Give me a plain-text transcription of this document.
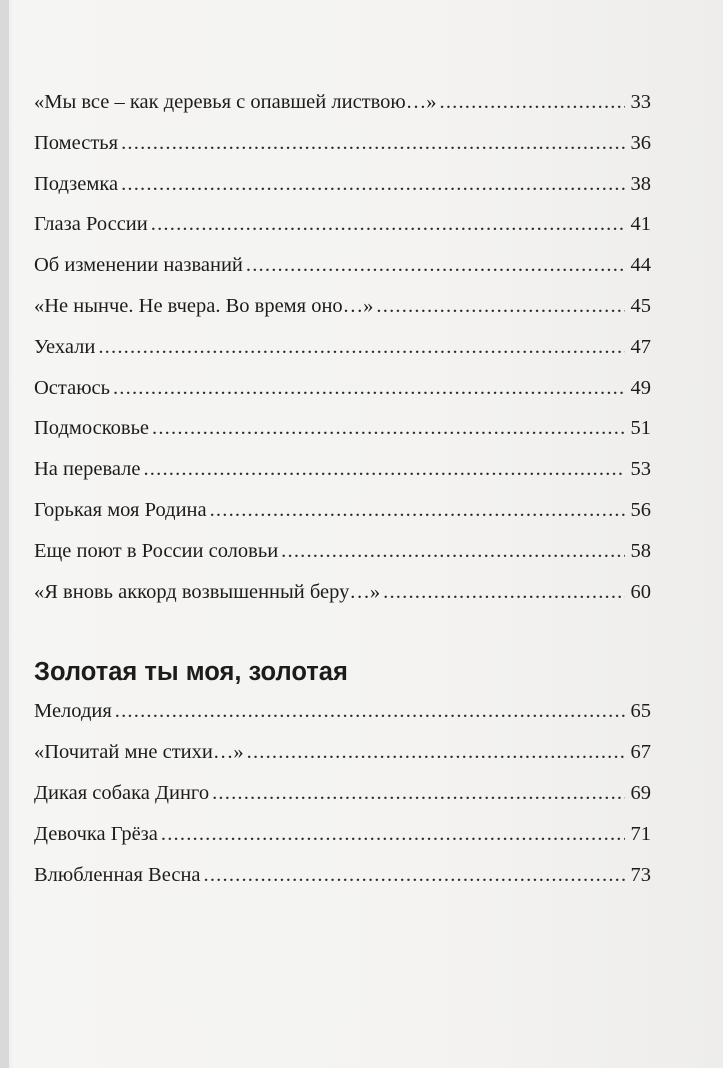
«Мы все – как деревья с опавшей листвою…» .....	33
Поместья .....	36
Подземка .....	38
Глаза России .....	41
Об изменении названий .....	44
«Не нынче. Не вчера. Во время оно…» .....	45
Уехали .....	47
Остаюсь .....	49
Подмосковье .....	51
На перевале .....	53
Горькая моя Родина .....	56
Еще поют в России соловьи .....	58
«Я вновь аккорд возвышенный беру…» .....	60
Золотая ты моя, золотая
Мелодия .....	65
«Почитай мне стихи…» .....	67
Дикая собака Динго .....	69
Девочка Грёза .....	71
Влюбленная Весна .....	73
